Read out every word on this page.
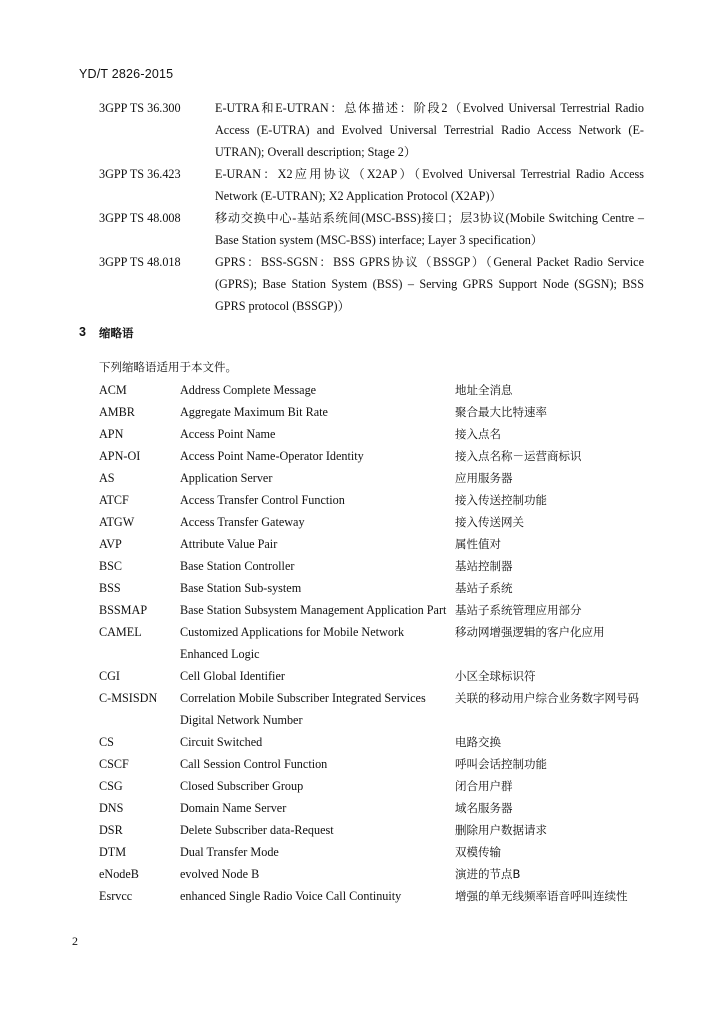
YD/T 2826-2015
3GPP TS 36.300	E-UTRA和E-UTRAN：总体描述：阶段2（Evolved Universal Terrestrial Radio Access (E-UTRA) and Evolved Universal Terrestrial Radio Access Network (E-UTRAN); Overall description; Stage 2）
3GPP TS 36.423	E-URAN：X2应用协议（X2AP）（Evolved Universal Terrestrial Radio Access Network (E-UTRAN); X2 Application Protocol (X2AP)）
3GPP TS 48.008	移动交换中心-基站系统间(MSC-BSS)接口；层3协议(Mobile Switching Centre – Base Station system (MSC-BSS) interface; Layer 3 specification）
3GPP TS 48.018	GPRS：BSS-SGSN：BSS GPRS协议（BSSGP）（General Packet Radio Service (GPRS); Base Station System (BSS) – Serving GPRS Support Node (SGSN); BSS GPRS protocol (BSSGP)）
3	缩略语
下列缩略语适用于本文件。
ACM	Address Complete Message	地址全消息
AMBR	Aggregate Maximum Bit Rate	聚合最大比特速率
APN	Access Point Name	接入点名
APN-OI	Access Point Name-Operator Identity	接入点名称－运营商标识
AS	Application Server	应用服务器
ATCF	Access Transfer Control Function	接入传送控制功能
ATGW	Access Transfer Gateway	接入传送网关
AVP	Attribute Value Pair	属性值对
BSC	Base Station Controller	基站控制器
BSS	Base Station Sub-system	基站子系统
BSSMAP	Base Station Subsystem Management Application Part 基站子系统管理应用部分
CAMEL	Customized Applications for Mobile Network Enhanced Logic
移动网增强逻辑的客户化应用
CGI	Cell Global Identifier	小区全球标识符
C-MSISDN	Correlation Mobile Subscriber Integrated Services Digital Network Number
关联的移动用户综合业务数字网号码
CS	Circuit Switched	电路交换
CSCF	Call Session Control Function	呼叫会话控制功能
CSG	Closed Subscriber Group	闭合用户群
DNS	Domain Name Server	域名服务器
DSR	Delete Subscriber data-Request	删除用户数据请求
DTM	Dual Transfer Mode	双模传输
eNodeB	evolved Node B	演进的节点B
Esrvcc	enhanced Single Radio Voice Call Continuity	增强的单无线频率语音呼叫连续性
2
